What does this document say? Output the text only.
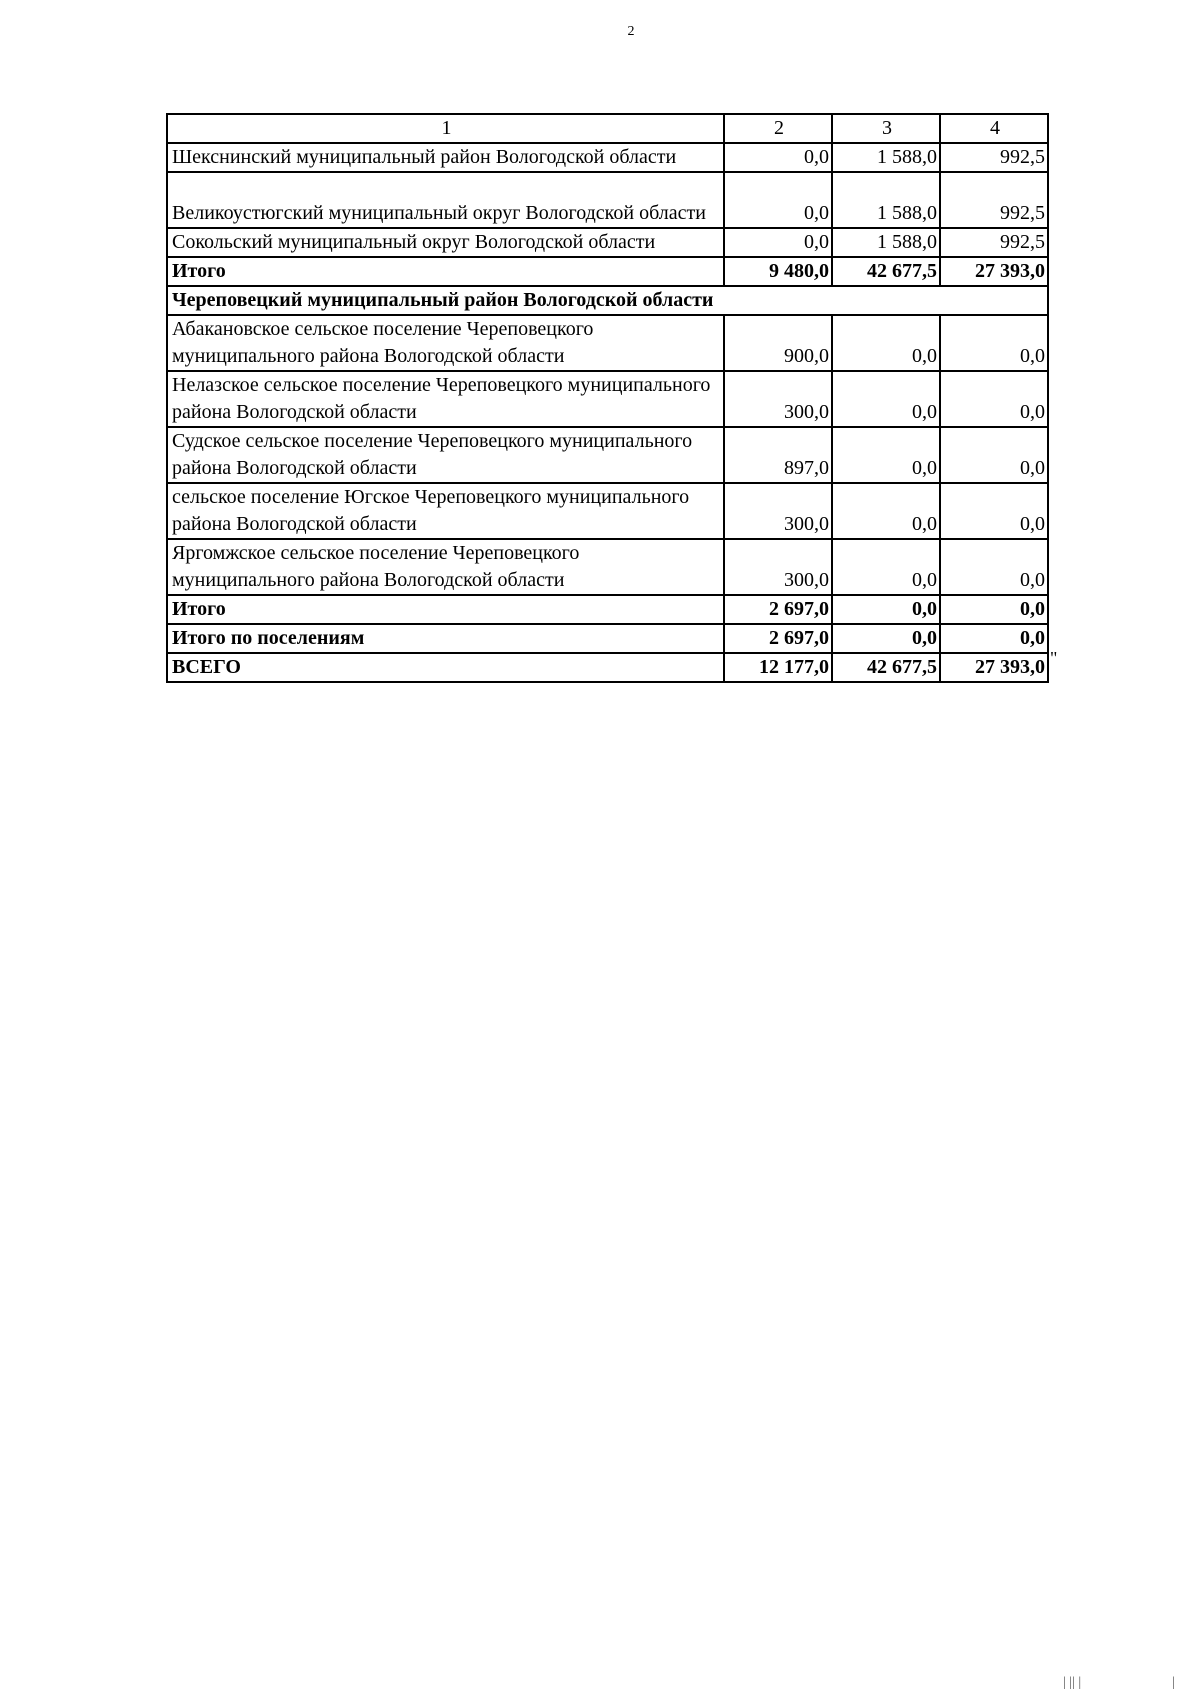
2
1	2	3	4
Шекснинский муниципальный район Вологодской области	0,0	1 588,0	992,5
Великоустюгский муниципальный округ Вологодской области	0,0	1 588,0	992,5
Сокольский муниципальный округ Вологодской области	0,0	1 588,0	992,5
Итого	9 480,0	42 677,5	27 393,0
Череповецкий муниципальный район Вологодской области			
Абакановское сельское поселение Череповецкого муниципального района Вологодской области	900,0	0,0	0,0
Нелазское сельское поселение Череповецкого муниципального района Вологодской области	300,0	0,0	0,0
Судское сельское поселение Череповецкого муниципального района Вологодской области	897,0	0,0	0,0
сельское поселение Югское Череповецкого муниципального района Вологодской области	300,0	0,0	0,0
Яргомжское сельское поселение Череповецкого муниципального района Вологодской области	300,0	0,0	0,0
Итого	2 697,0	0,0	0,0
Итого по поселениям	2 697,0	0,0	0,0
ВСЕГО	12 177,0	42 677,5	27 393,0 "
| || |	|
